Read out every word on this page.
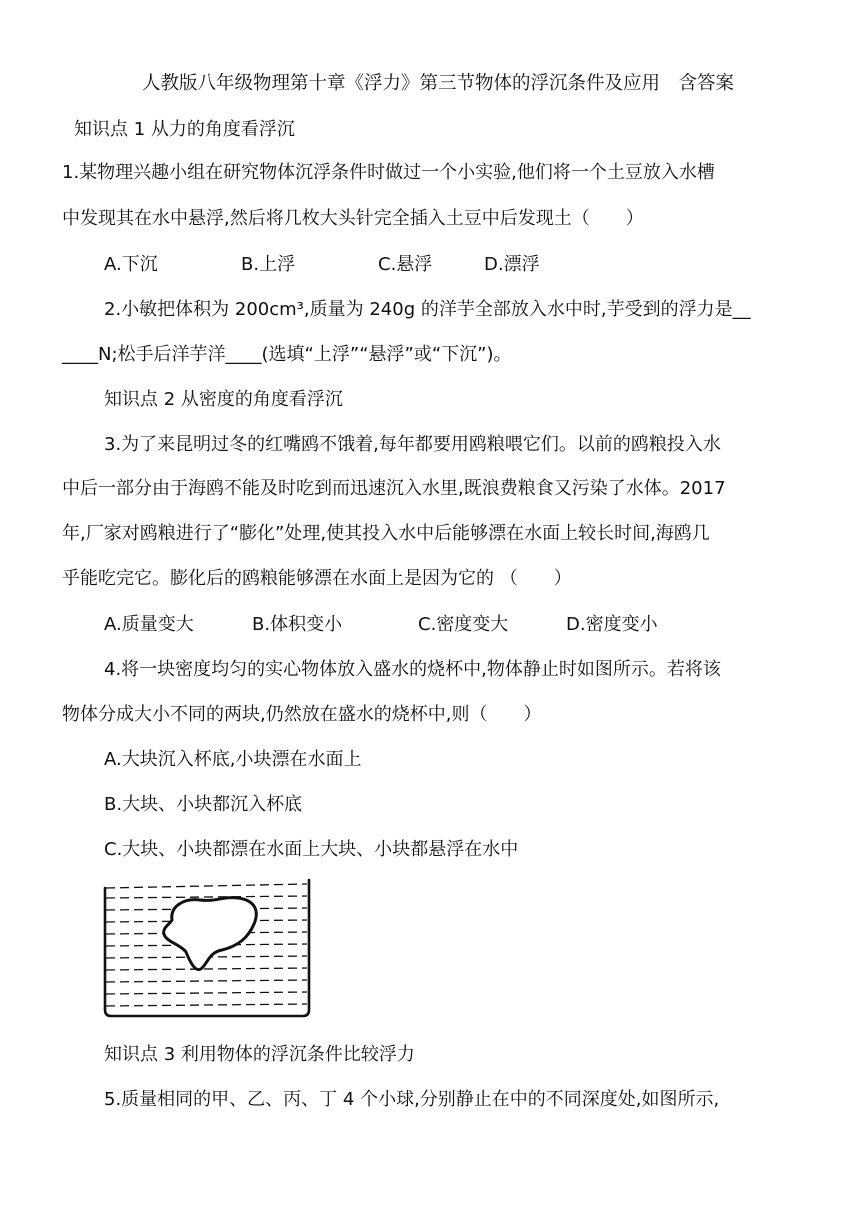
人教版八年级物理第十章《浮力》第三节物体的浮沉条件及应用　含答案
知识点 1 从力的角度看浮沉
1.某物理兴趣小组在研究物体沉浮条件时做过一个小实验,他们将一个土豆放入水槽
中发现其在水中悬浮,然后将几枚大头针完全插入土豆中后发现土（　　）
A.下沉	B.上浮	C.悬浮	D.漂浮
2.小敏把体积为 200cm³,质量为 240g 的洋芋全部放入水中时,芋受到的浮力是__
____N;松手后洋芋洋____(选填“上浮”“悬浮”或“下沉”)。
知识点 2 从密度的角度看浮沉
3.为了来昆明过冬的红嘴鸥不饿着,每年都要用鸥粮喂它们。以前的鸥粮投入水
中后一部分由于海鸥不能及时吃到而迅速沉入水里,既浪费粮食又污染了水体。2017
年,厂家对鸥粮进行了“膨化”处理,使其投入水中后能够漂在水面上较长时间,海鸥几
乎能吃完它。膨化后的鸥粮能够漂在水面上是因为它的 （　　）
A.质量变大	B.体积变小	C.密度变大	D.密度变小
4.将一块密度均匀的实心物体放入盛水的烧杯中,物体静止时如图所示。若将该
物体分成大小不同的两块,仍然放在盛水的烧杯中,则（　　）
A.大块沉入杯底,小块漂在水面上
B.大块、小块都沉入杯底
C.大块、小块都漂在水面上大块、小块都悬浮在水中
知识点 3 利用物体的浮沉条件比较浮力
5.质量相同的甲、乙、丙、丁 4 个小球,分别静止在中的不同深度处,如图所示,
